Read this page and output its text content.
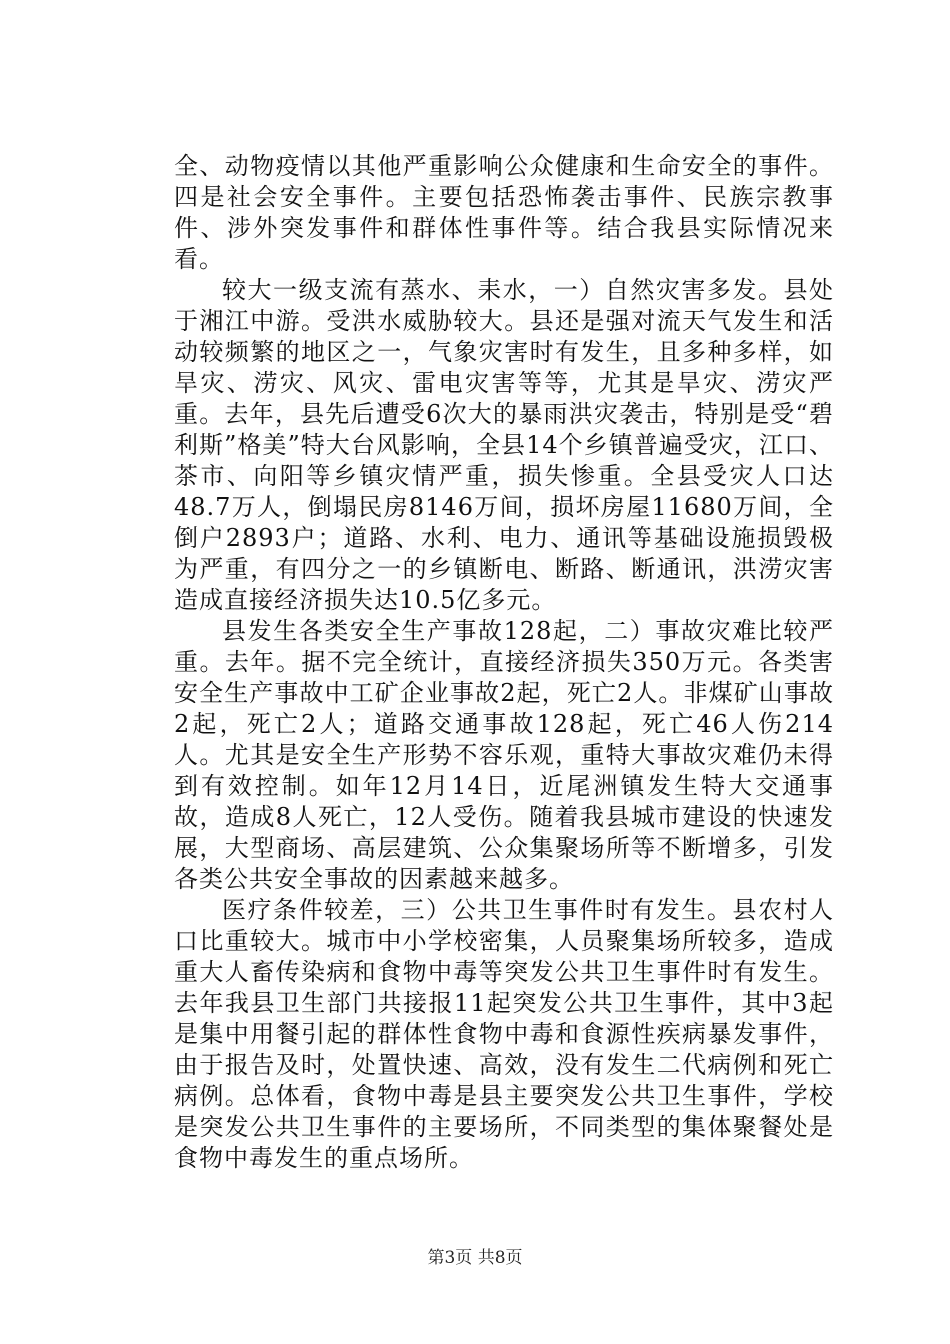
全、动物疫情以其他严重影响公众健康和生命安全的事件。四是社会安全事件。主要包括恐怖袭击事件、民族宗教事件、涉外突发事件和群体性事件等。结合我县实际情况来看。

较大一级支流有蒸水、耒水，一）自然灾害多发。县处于湘江中游。受洪水威胁较大。县还是强对流天气发生和活动较频繁的地区之一，气象灾害时有发生，且多种多样，如旱灾、涝灾、风灾、雷电灾害等等，尤其是旱灾、涝灾严重。去年，县先后遭受6次大的暴雨洪灾袭击，特别是受“碧利斯”格美”特大台风影响，全县14个乡镇普遍受灾，江口、茶市、向阳等乡镇灾情严重，损失惨重。全县受灾人口达48.7万人，倒塌民房8146万间，损坏房屋11680万间，全倒户2893户；道路、水利、电力、通讯等基础设施损毁极为严重，有四分之一的乡镇断电、断路、断通讯，洪涝灾害造成直接经济损失达10.5亿多元。

县发生各类安全生产事故128起，二）事故灾难比较严重。去年。据不完全统计，直接经济损失350万元。各类害安全生产事故中工矿企业事故2起，死亡2人。非煤矿山事故2起，死亡2人；道路交通事故128起，死亡46人伤214人。尤其是安全生产形势不容乐观，重特大事故灾难仍未得到有效控制。如年12月14日，近尾洲镇发生特大交通事故，造成8人死亡，12人受伤。随着我县城市建设的快速发展，大型商场、高层建筑、公众集聚场所等不断增多，引发各类公共安全事故的因素越来越多。

医疗条件较差，三）公共卫生事件时有发生。县农村人口比重较大。城市中小学校密集，人员聚集场所较多，造成重大人畜传染病和食物中毒等突发公共卫生事件时有发生。去年我县卫生部门共接报11起突发公共卫生事件，其中3起是集中用餐引起的群体性食物中毒和食源性疾病暴发事件，由于报告及时，处置快速、高效，没有发生二代病例和死亡病例。总体看，食物中毒是县主要突发公共卫生事件，学校是突发公共卫生事件的主要场所，不同类型的集体聚餐处是食物中毒发生的重点场所。

第3页 共8页
